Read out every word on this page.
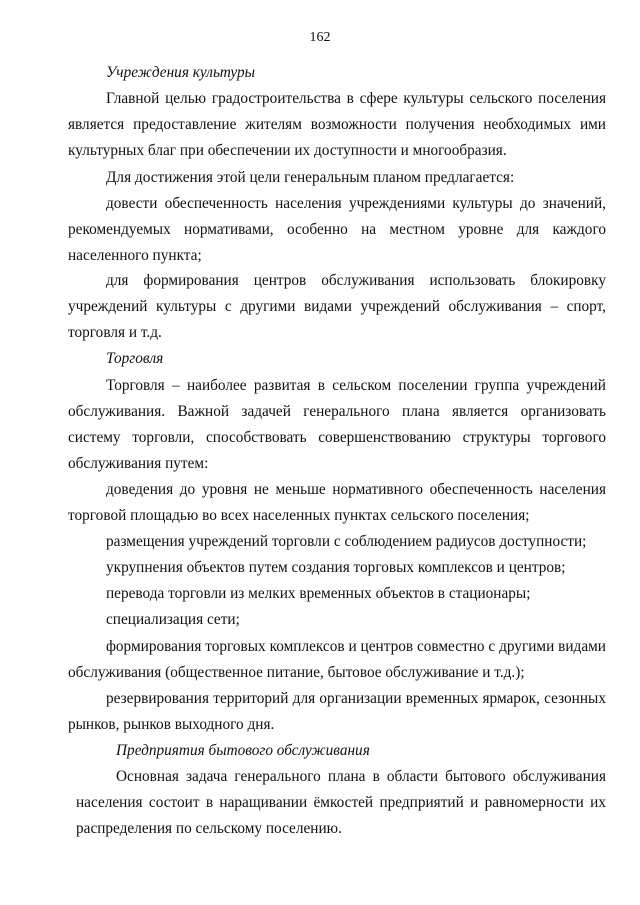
162
Учреждения культуры
Главной целью градостроительства в сфере культуры сельского поселения
является предоставление жителям возможности получения необходимых ими
культурных благ при обеспечении их доступности и многообразия.
Для достижения этой цели генеральным планом предлагается:
довести обеспеченность населения учреждениями культуры до значений,
рекомендуемых нормативами, особенно на местном уровне для каждого
населенного пункта;
для формирования центров обслуживания использовать блокировку
учреждений культуры с другими видами учреждений обслуживания – спорт,
торговля и т.д.
Торговля
Торговля – наиболее развитая в сельском поселении группа учреждений
обслуживания. Важной задачей генерального плана является организовать
систему торговли, способствовать совершенствованию структуры торгового
обслуживания путем:
доведения до уровня не меньше нормативного обеспеченность населения
торговой площадью во всех населенных пунктах сельского поселения;
размещения учреждений торговли с соблюдением радиусов доступности;
укрупнения объектов путем создания торговых комплексов и центров;
перевода торговли из мелких временных объектов в стационары;
специализация сети;
формирования торговых комплексов и центров совместно с другими видами
обслуживания (общественное питание, бытовое обслуживание и т.д.);
резервирования территорий для организации временных ярмарок, сезонных
рынков, рынков выходного дня.
Предприятия бытового обслуживания
Основная задача генерального плана в области бытового обслуживания
населения состоит в наращивании ёмкостей предприятий и равномерности их
распределения по сельскому поселению.
